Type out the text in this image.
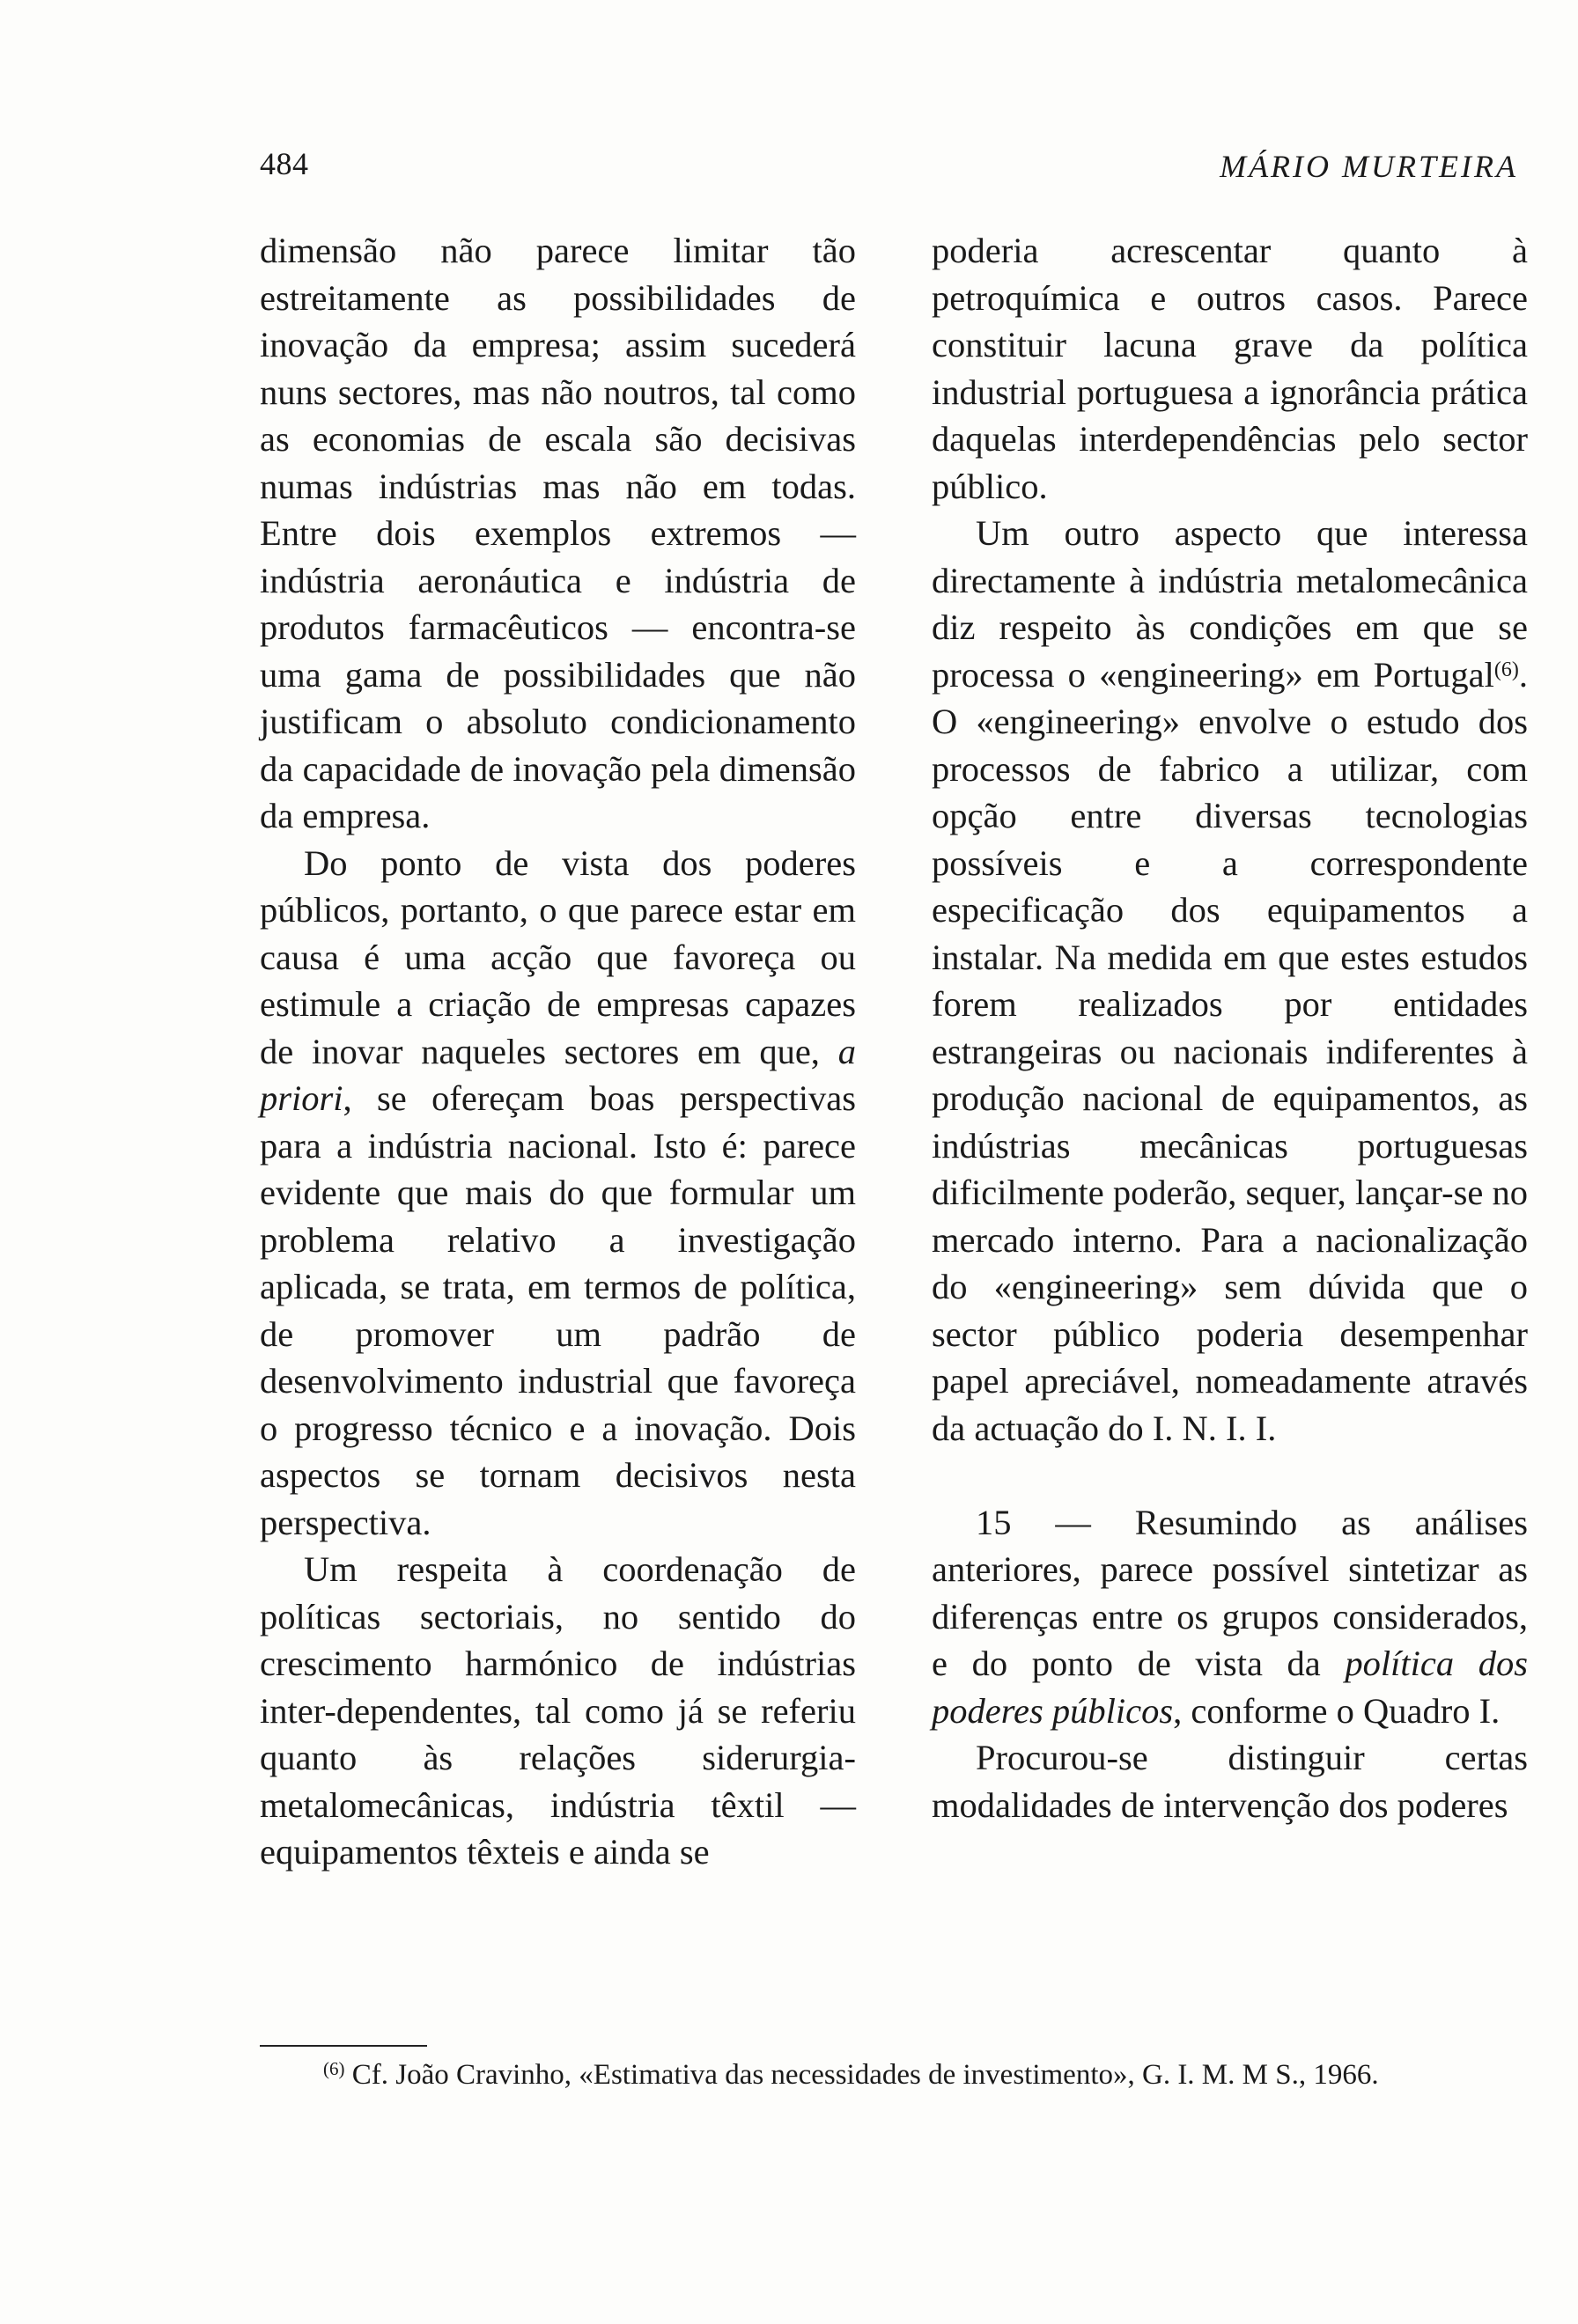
484	MÁRIO MURTEIRA

dimensão não parece limitar tão estreitamente as possibilidades de inovação da empresa; assim sucederá nuns sectores, mas não noutros, tal como as economias de escala são decisivas numas indústrias mas não em todas. Entre dois exemplos extremos — indústria aeronáutica e indústria de produtos farmacêuticos — encontra-se uma gama de possibilidades que não justificam o absoluto condicionamento da capacidade de inovação pela dimensão da empresa.

Do ponto de vista dos poderes públicos, portanto, o que parece estar em causa é uma acção que favoreça ou estimule a criação de empresas capazes de inovar naqueles sectores em que, a priori, se ofereçam boas perspectivas para a indústria nacional. Isto é: parece evidente que mais do que formular um problema relativo a investigação aplicada, se trata, em termos de política, de promover um padrão de desenvolvimento industrial que favoreça o progresso técnico e a inovação. Dois aspectos se tornam decisivos nesta perspectiva.

Um respeita à coordenação de políticas sectoriais, no sentido do crescimento harmónico de indústrias inter-dependentes, tal como já se referiu quanto às relações siderurgia-metalomecânicas, indústria têxtil — equipamentos têxteis e ainda se

poderia acrescentar quanto à petroquímica e outros casos. Parece constituir lacuna grave da política industrial portuguesa a ignorância prática daquelas interdependências pelo sector público.

Um outro aspecto que interessa directamente à indústria metalomecânica diz respeito às condições em que se processa o «engineering» em Portugal$^{(6)}$. O «engineering» envolve o estudo dos processos de fabrico a utilizar, com opção entre diversas tecnologias possíveis e a correspondente especificação dos equipamentos a instalar. Na medida em que estes estudos forem realizados por entidades estrangeiras ou nacionais indiferentes à produção nacional de equipamentos, as indústrias mecânicas portuguesas dificilmente poderão, sequer, lançar-se no mercado interno. Para a nacionalização do «engineering» sem dúvida que o sector público poderia desempenhar papel apreciável, nomeadamente através da actuação do I. N. I. I.

15 — Resumindo as análises anteriores, parece possível sintetizar as diferenças entre os grupos considerados, e do ponto de vista da política dos poderes públicos, conforme o Quadro I.

Procurou-se distinguir certas modalidades de intervenção dos poderes

$^{(6)}$ Cf. João Cravinho, «Estimativa das necessidades de investimento», G. I. M. M S., 1966.
